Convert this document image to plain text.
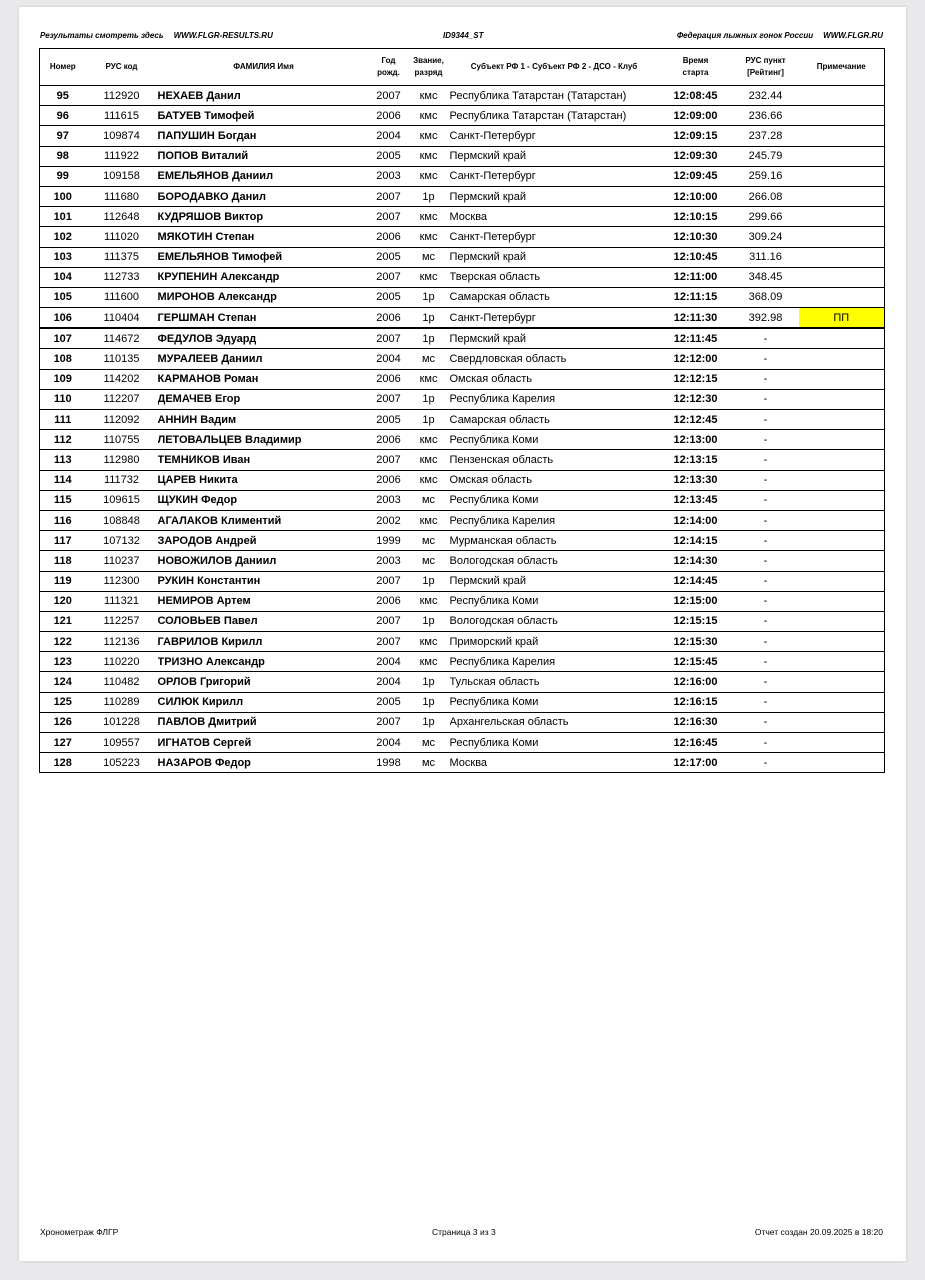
Результаты смотреть здесь WWW.FLGR-RESULTS.RU	ID9344_ST	Федерация лыжных гонок России WWW.FLGR.RU
Номер	РУС код	ФАМИЛИЯ Имя	Год
рожд.	Звание,
разряд	Субъект РФ 1 - Субъект РФ 2 - ДСО - Клуб	Время
старта	РУС пункт
[Рейтинг]	Примечание
95	112920	НЕХАЕВ Данил	2007	кмс	Республика Татарстан (Татарстан)	12:08:45	232.44	
96	111615	БАТУЕВ Тимофей	2006	кмс	Республика Татарстан (Татарстан)	12:09:00	236.66	
97	109874	ПАПУШИН Богдан	2004	кмс	Санкт-Петербург	12:09:15	237.28	
98	111922	ПОПОВ Виталий	2005	кмс	Пермский край	12:09:30	245.79	
99	109158	ЕМЕЛЬЯНОВ Даниил	2003	кмс	Санкт-Петербург	12:09:45	259.16	
100	111680	БОРОДАВКО Данил	2007	1р	Пермский край	12:10:00	266.08	
101	112648	КУДРЯШОВ Виктор	2007	кмс	Москва	12:10:15	299.66	
102	111020	МЯКОТИН Степан	2006	кмс	Санкт-Петербург	12:10:30	309.24	
103	111375	ЕМЕЛЬЯНОВ Тимофей	2005	мс	Пермский край	12:10:45	311.16	
104	112733	КРУПЕНИН Александр	2007	кмс	Тверская область	12:11:00	348.45	
105	111600	МИРОНОВ Александр	2005	1р	Самарская область	12:11:15	368.09	
106	110404	ГЕРШМАН Степан	2006	1р	Санкт-Петербург	12:11:30	392.98	ПП
107	114672	ФЕДУЛОВ Эдуард	2007	1р	Пермский край	12:11:45	-	
108	110135	МУРАЛЕЕВ Даниил	2004	мс	Свердловская область	12:12:00	-	
109	114202	КАРМАНОВ Роман	2006	кмс	Омская область	12:12:15	-	
110	112207	ДЕМАЧЕВ Егор	2007	1р	Республика Карелия	12:12:30	-	
111	112092	АННИН Вадим	2005	1р	Самарская область	12:12:45	-	
112	110755	ЛЕТОВАЛЬЦЕВ Владимир	2006	кмс	Республика Коми	12:13:00	-	
113	112980	ТЕМНИКОВ Иван	2007	кмс	Пензенская область	12:13:15	-	
114	111732	ЦАРЕВ Никита	2006	кмс	Омская область	12:13:30	-	
115	109615	ЩУКИН Федор	2003	мс	Республика Коми	12:13:45	-	
116	108848	АГАЛАКОВ Климентий	2002	кмс	Республика Карелия	12:14:00	-	
117	107132	ЗАРОДОВ Андрей	1999	мс	Мурманская область	12:14:15	-	
118	110237	НОВОЖИЛОВ Даниил	2003	мс	Вологодская область	12:14:30	-	
119	112300	РУКИН Константин	2007	1р	Пермский край	12:14:45	-	
120	111321	НЕМИРОВ Артем	2006	кмс	Республика Коми	12:15:00	-	
121	112257	СОЛОВЬЕВ Павел	2007	1р	Вологодская область	12:15:15	-	
122	112136	ГАВРИЛОВ Кирилл	2007	кмс	Приморский край	12:15:30	-	
123	110220	ТРИЗНО Александр	2004	кмс	Республика Карелия	12:15:45	-	
124	110482	ОРЛОВ Григорий	2004	1р	Тульская область	12:16:00	-	
125	110289	СИЛЮК Кирилл	2005	1р	Республика Коми	12:16:15	-	
126	101228	ПАВЛОВ Дмитрий	2007	1р	Архангельская область	12:16:30	-	
127	109557	ИГНАТОВ Сергей	2004	мс	Республика Коми	12:16:45	-	
128	105223	НАЗАРОВ Федор	1998	мс	Москва	12:17:00	-	
Хронометраж ФЛГР	Страница 3 из 3	Отчет создан 20.09.2025 в 18:20
